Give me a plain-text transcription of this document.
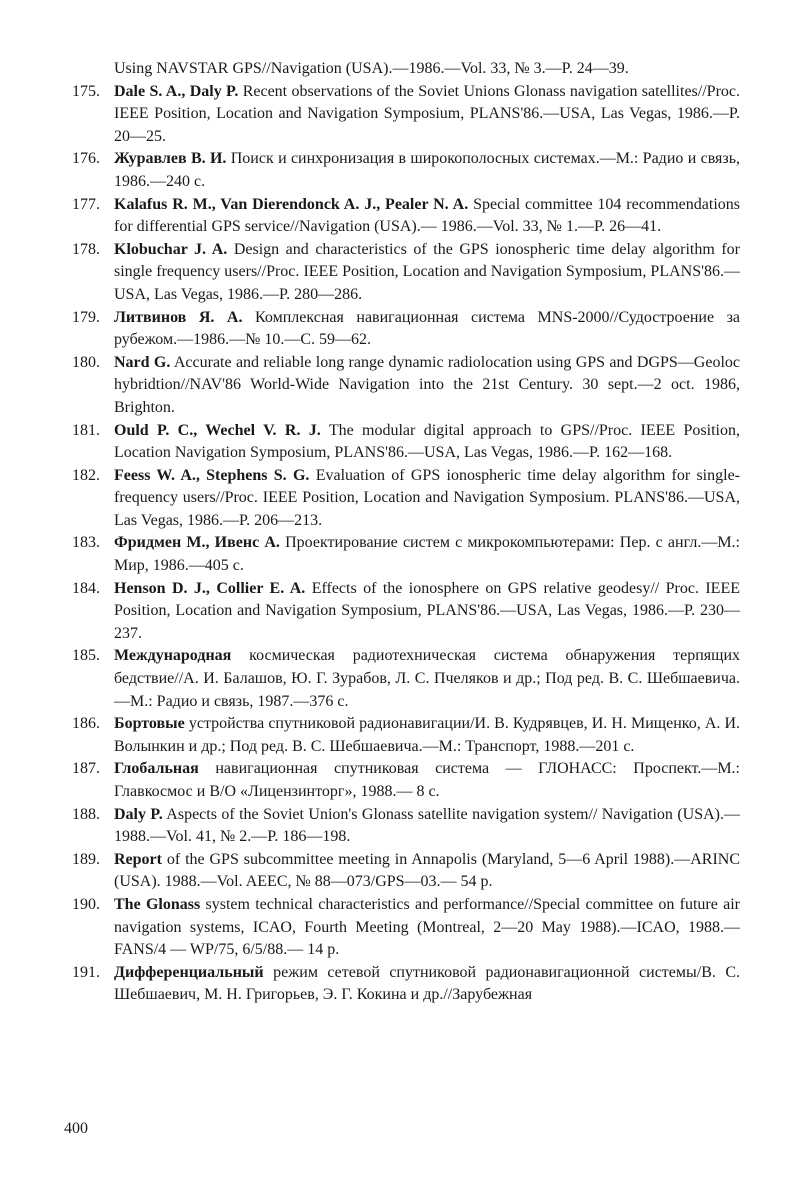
Using NAVSTAR GPS//Navigation (USA).—1986.—Vol. 33, № 3.—P. 24—39.
175. Dale S. A., Daly P. Recent observations of the Soviet Unions Glonass navigation satellites//Proc. IEEE Position, Location and Navigation Symposium, PLANS'86.—USA, Las Vegas, 1986.—P. 20—25.
176. Журавлев В. И. Поиск и синхронизация в широкополосных системах.—М.: Радио и связь, 1986.—240 с.
177. Kalafus R. M., Van Dierendonck A. J., Pealer N. A. Special committee 104 recommendations for differential GPS service//Navigation (USA).— 1986.—Vol. 33, № 1.—P. 26—41.
178. Klobuchar J. A. Design and characteristics of the GPS ionospheric time delay algorithm for single frequency users//Proc. IEEE Position, Location and Navigation Symposium, PLANS'86.—USA, Las Vegas, 1986.—P. 280—286.
179. Литвинов Я. А. Комплексная навигационная система MNS-2000//Судостроение за рубежом.—1986.—№ 10.—С. 59—62.
180. Nard G. Accurate and reliable long range dynamic radiolocation using GPS and DGPS—Geoloc hybridtion//NAV'86 World-Wide Navigation into the 21st Century. 30 sept.—2 oct. 1986, Brighton.
181. Ould P. C., Wechel V. R. J. The modular digital approach to GPS//Proc. IEEE Position, Location Navigation Symposium, PLANS'86.—USA, Las Vegas, 1986.—P. 162—168.
182. Feess W. A., Stephens S. G. Evaluation of GPS ionospheric time delay algorithm for single-frequency users//Proc. IEEE Position, Location and Navigation Symposium. PLANS'86.—USA, Las Vegas, 1986.—P. 206—213.
183. Фридмен М., Ивенс А. Проектирование систем с микрокомпьютерами: Пер. с англ.—М.: Мир, 1986.—405 с.
184. Henson D. J., Collier E. A. Effects of the ionosphere on GPS relative geodesy// Proc. IEEE Position, Location and Navigation Symposium, PLANS'86.—USA, Las Vegas, 1986.—P. 230—237.
185. Международная космическая радиотехническая система обнаружения терпящих бедствие//А. И. Балашов, Ю. Г. Зурабов, Л. С. Пчеляков и др.; Под ред. В. С. Шебшаевича.—М.: Радио и связь, 1987.—376 с.
186. Бортовые устройства спутниковой радионавигации/И. В. Кудрявцев, И. Н. Мищенко, А. И. Волынкин и др.; Под ред. В. С. Шебшаевича.—М.: Транспорт, 1988.—201 с.
187. Глобальная навигационная спутниковая система — ГЛОНАСС: Проспект.—М.: Главкосмос и В/О «Лицензинторг», 1988.— 8 с.
188. Daly P. Aspects of the Soviet Union's Glonass satellite navigation system// Navigation (USA).—1988.—Vol. 41, № 2.—P. 186—198.
189. Report of the GPS subcommittee meeting in Annapolis (Maryland, 5—6 April 1988).—ARINC (USA). 1988.—Vol. AEEC, № 88—073/GPS—03.— 54 p.
190. The Glonass system technical characteristics and performance//Special committee on future air navigation systems, ICAO, Fourth Meeting (Montreal, 2—20 May 1988).—ICAO, 1988.—FANS/4 — WP/75, 6/5/88.— 14 p.
191. Дифференциальный режим сетевой спутниковой радионавигационной системы/В. С. Шебшаевич, М. Н. Григорьев, Э. Г. Кокина и др.//Зарубежная
400
